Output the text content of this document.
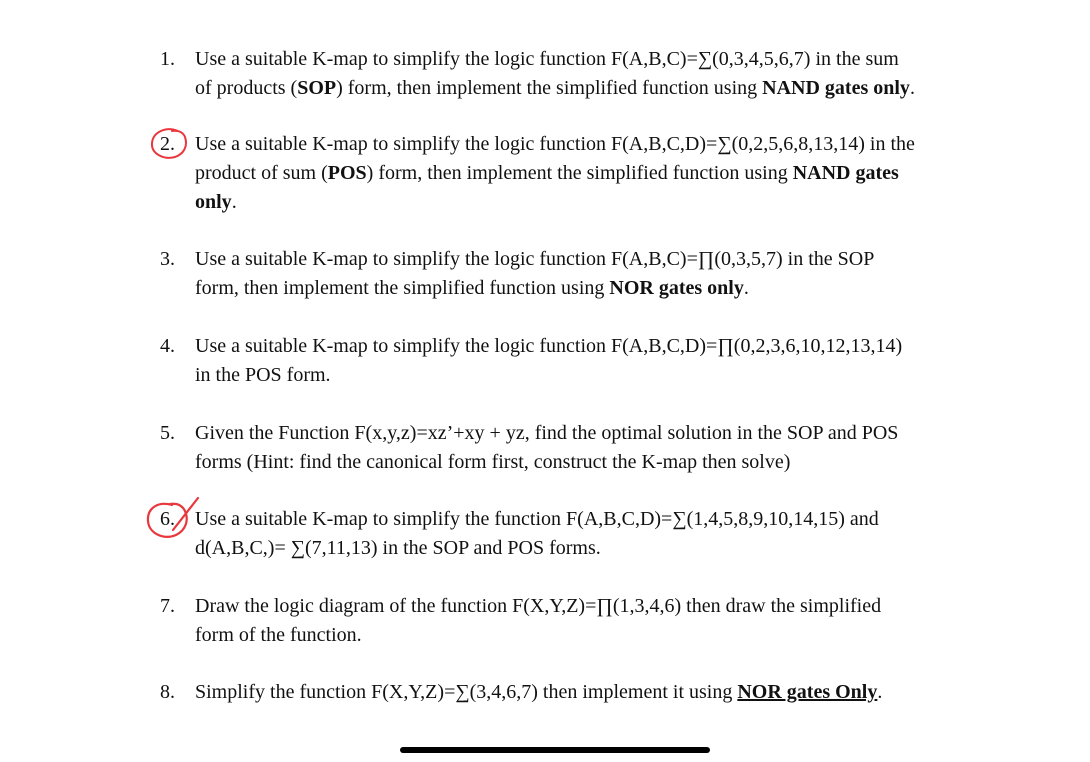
1.	Use a suitable K-map to simplify the logic function F(A,B,C)=∑(0,3,4,5,6,7) in the sum
of products (SOP) form, then implement the simplified function using NAND gates only.
2.	Use a suitable K-map to simplify the logic function F(A,B,C,D)=∑(0,2,5,6,8,13,14) in the
product of sum (POS) form, then implement the simplified function using NAND gates
only.
3.	Use a suitable K-map to simplify the logic function F(A,B,C)=∏(0,3,5,7) in the SOP
form, then implement the simplified function using NOR gates only.
4.	Use a suitable K-map to simplify the logic function F(A,B,C,D)=∏(0,2,3,6,10,12,13,14)
in the POS form.
5.	Given the Function F(x,y,z)=xz’+xy + yz, find the optimal solution in the SOP and POS
forms (Hint: find the canonical form first, construct the K-map then solve)
6.	Use a suitable K-map to simplify the function F(A,B,C,D)=∑(1,4,5,8,9,10,14,15) and
d(A,B,C,)= ∑(7,11,13) in the SOP and POS forms.
7.	Draw the logic diagram of the function F(X,Y,Z)=∏(1,3,4,6) then draw the simplified
form of the function.
8.	Simplify the function F(X,Y,Z)=∑(3,4,6,7) then implement it using NOR gates Only.
